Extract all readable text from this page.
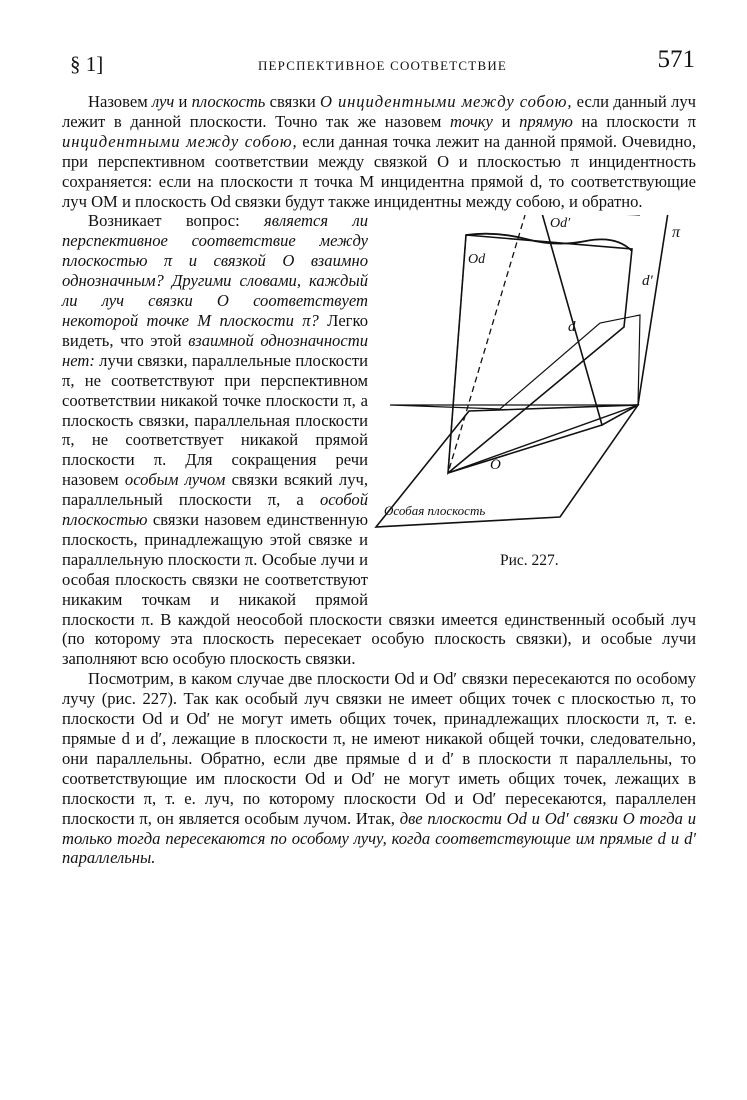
§ 1]	ПЕРСПЕКТИВНОЕ СООТВЕТСТВИЕ	571

Назовем луч и плоскость связки O инцидентными между собою, если данный луч лежит в данной плоскости. Точно так же назовем точку и прямую на плоскости π инцидентными между собою, если данная точка лежит на данной прямой. Очевидно, при перспективном соответствии между связкой O и плоскостью π инцидентность сохраняется: если на плоскости π точка M инцидентна прямой d, то соответствующие луч OM и плоскость Od связки будут также инцидентны между собою, и обратно.

Od′
Od
π
d′
d
O
Особая плоскость
Рис. 227.

Возникает вопрос: является ли перспективное соответствие между плоскостью π и связкой O взаимно однозначным? Другими словами, каждый ли луч связки O соответствует некоторой точке M плоскости π? Легко видеть, что этой взаимной однозначности нет: лучи связки, параллельные плоскости π, не соответствуют при перспективном соответствии никакой точке плоскости π, а плоскость связки, параллельная плоскости π, не соответствует никакой прямой плоскости π. Для сокращения речи назовем особым лучом связки всякий луч, параллельный плоскости π, а особой плоскостью связки назовем единственную плоскость, принадлежащую этой связке и параллельную плоскости π. Особые лучи и особая плоскость связки не соответствуют никаким точкам и никакой прямой плоскости π. В каждой неособой плоскости связки имеется единственный особый луч (по которому эта плоскость пересекает особую плоскость связки), и особые лучи заполняют всю особую плоскость связки.

Посмотрим, в каком случае две плоскости Od и Od′ связки пересекаются по особому лучу (рис. 227). Так как особый луч связки не имеет общих точек с плоскостью π, то плоскости Od и Od′ не могут иметь общих точек, принадлежащих плоскости π, т. е. прямые d и d′, лежащие в плоскости π, не имеют никакой общей точки, следовательно, они параллельны. Обратно, если две прямые d и d′ в плоскости π параллельны, то соответствующие им плоскости Od и Od′ не могут иметь общих точек, лежащих в плоскости π, т. е. луч, по которому плоскости Od и Od′ пересекаются, параллелен плоскости π, он является особым лучом. Итак, две плоскости Od и Od′ связки O тогда и только тогда пересекаются по особому лучу, когда соответствующие им прямые d и d′ параллельны.
